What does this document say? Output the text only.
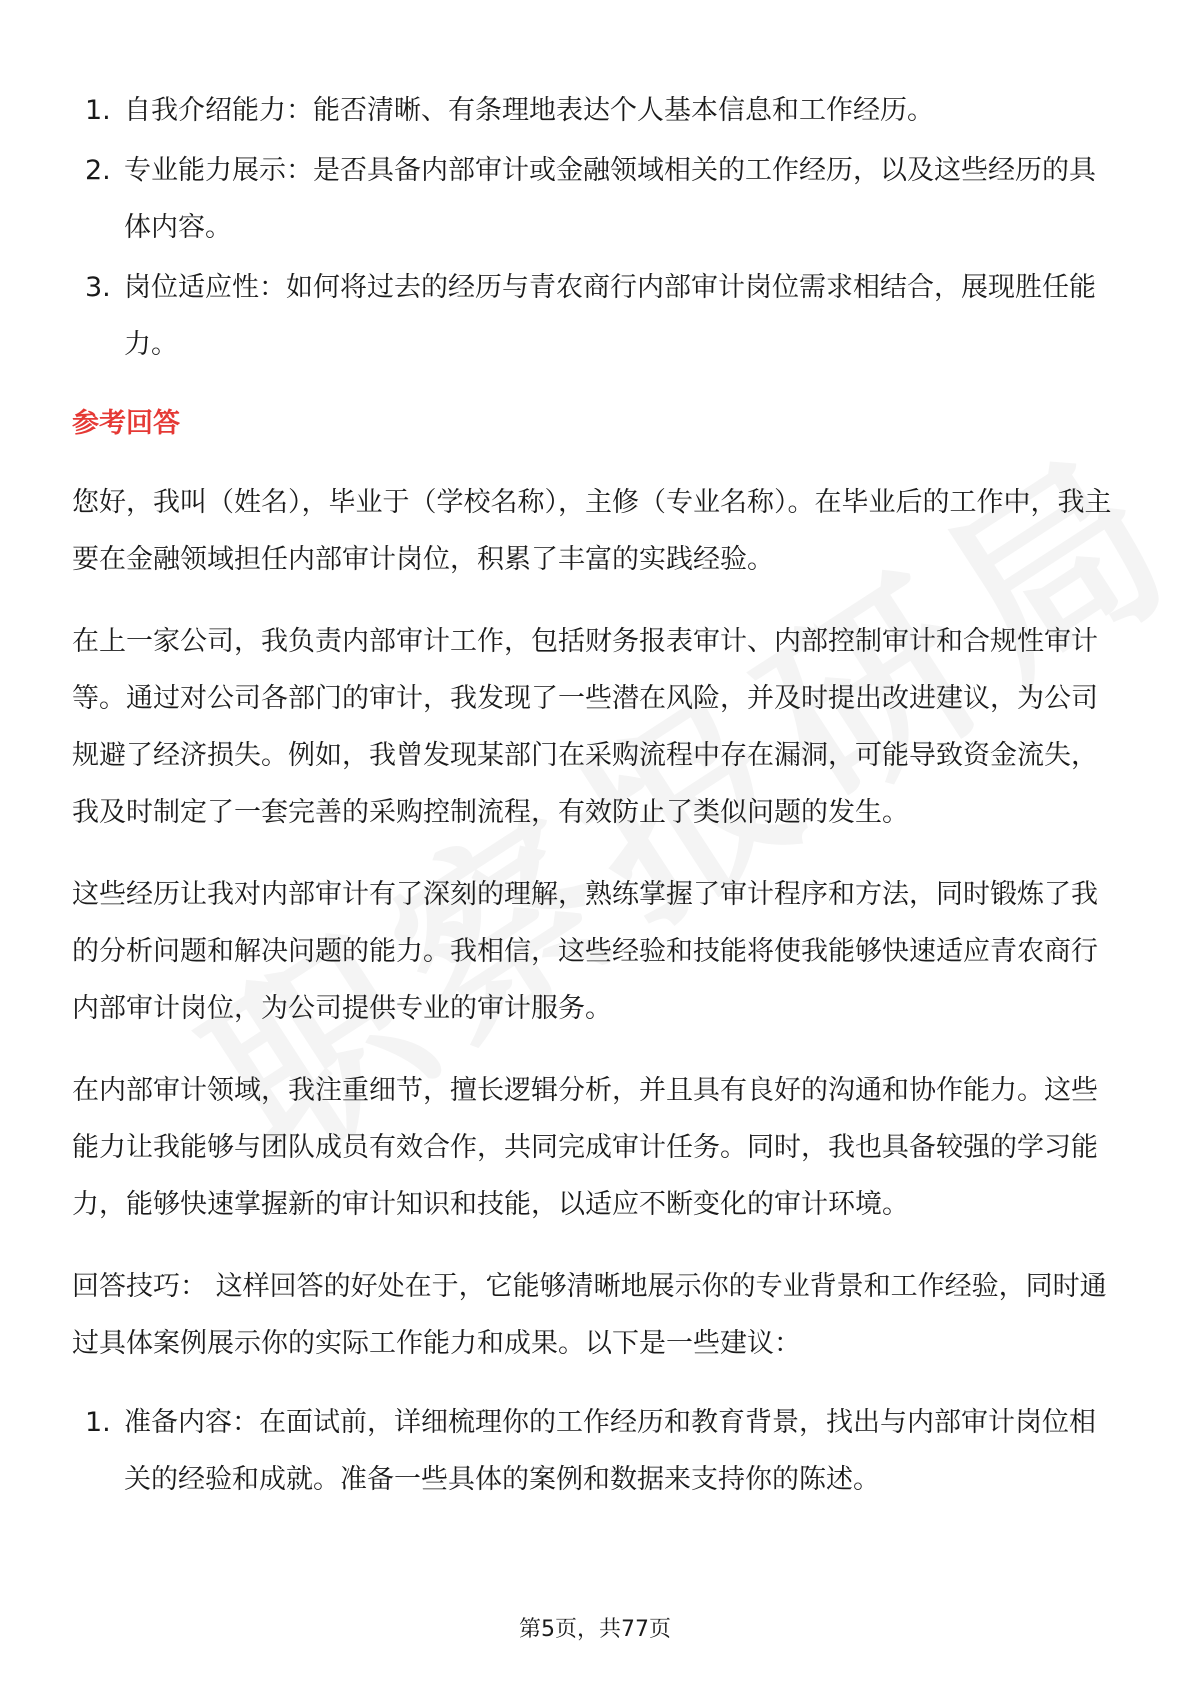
1. 自我介绍能力：能否清晰、有条理地表达个人基本信息和工作经历。
2. 专业能力展示：是否具备内部审计或金融领域相关的工作经历，以及这些经历的具体内容。
3. 岗位适应性：如何将过去的经历与青农商行内部审计岗位需求相结合，展现胜任能力。
参考回答

您好，我叫（姓名），毕业于（学校名称），主修（专业名称）。在毕业后的工作中，我主要在金融领域担任内部审计岗位，积累了丰富的实践经验。

在上一家公司，我负责内部审计工作，包括财务报表审计、内部控制审计和合规性审计等。通过对公司各部门的审计，我发现了一些潜在风险，并及时提出改进建议，为公司规避了经济损失。例如，我曾发现某部门在采购流程中存在漏洞，可能导致资金流失，我及时制定了一套完善的采购控制流程，有效防止了类似问题的发生。

这些经历让我对内部审计有了深刻的理解，熟练掌握了审计程序和方法，同时锻炼了我的分析问题和解决问题的能力。我相信，这些经验和技能将使我能够快速适应青农商行内部审计岗位，为公司提供专业的审计服务。

在内部审计领域，我注重细节，擅长逻辑分析，并且具有良好的沟通和协作能力。这些能力让我能够与团队成员有效合作，共同完成审计任务。同时，我也具备较强的学习能力，能够快速掌握新的审计知识和技能，以适应不断变化的审计环境。

回答技巧： 这样回答的好处在于，它能够清晰地展示你的专业背景和工作经验，同时通过具体案例展示你的实际工作能力和成果。以下是一些建议：

1. 准备内容：在面试前，详细梳理你的工作经历和教育背景，找出与内部审计岗位相关的经验和成就。准备一些具体的案例和数据来支持你的陈述。
第5页，共77页
